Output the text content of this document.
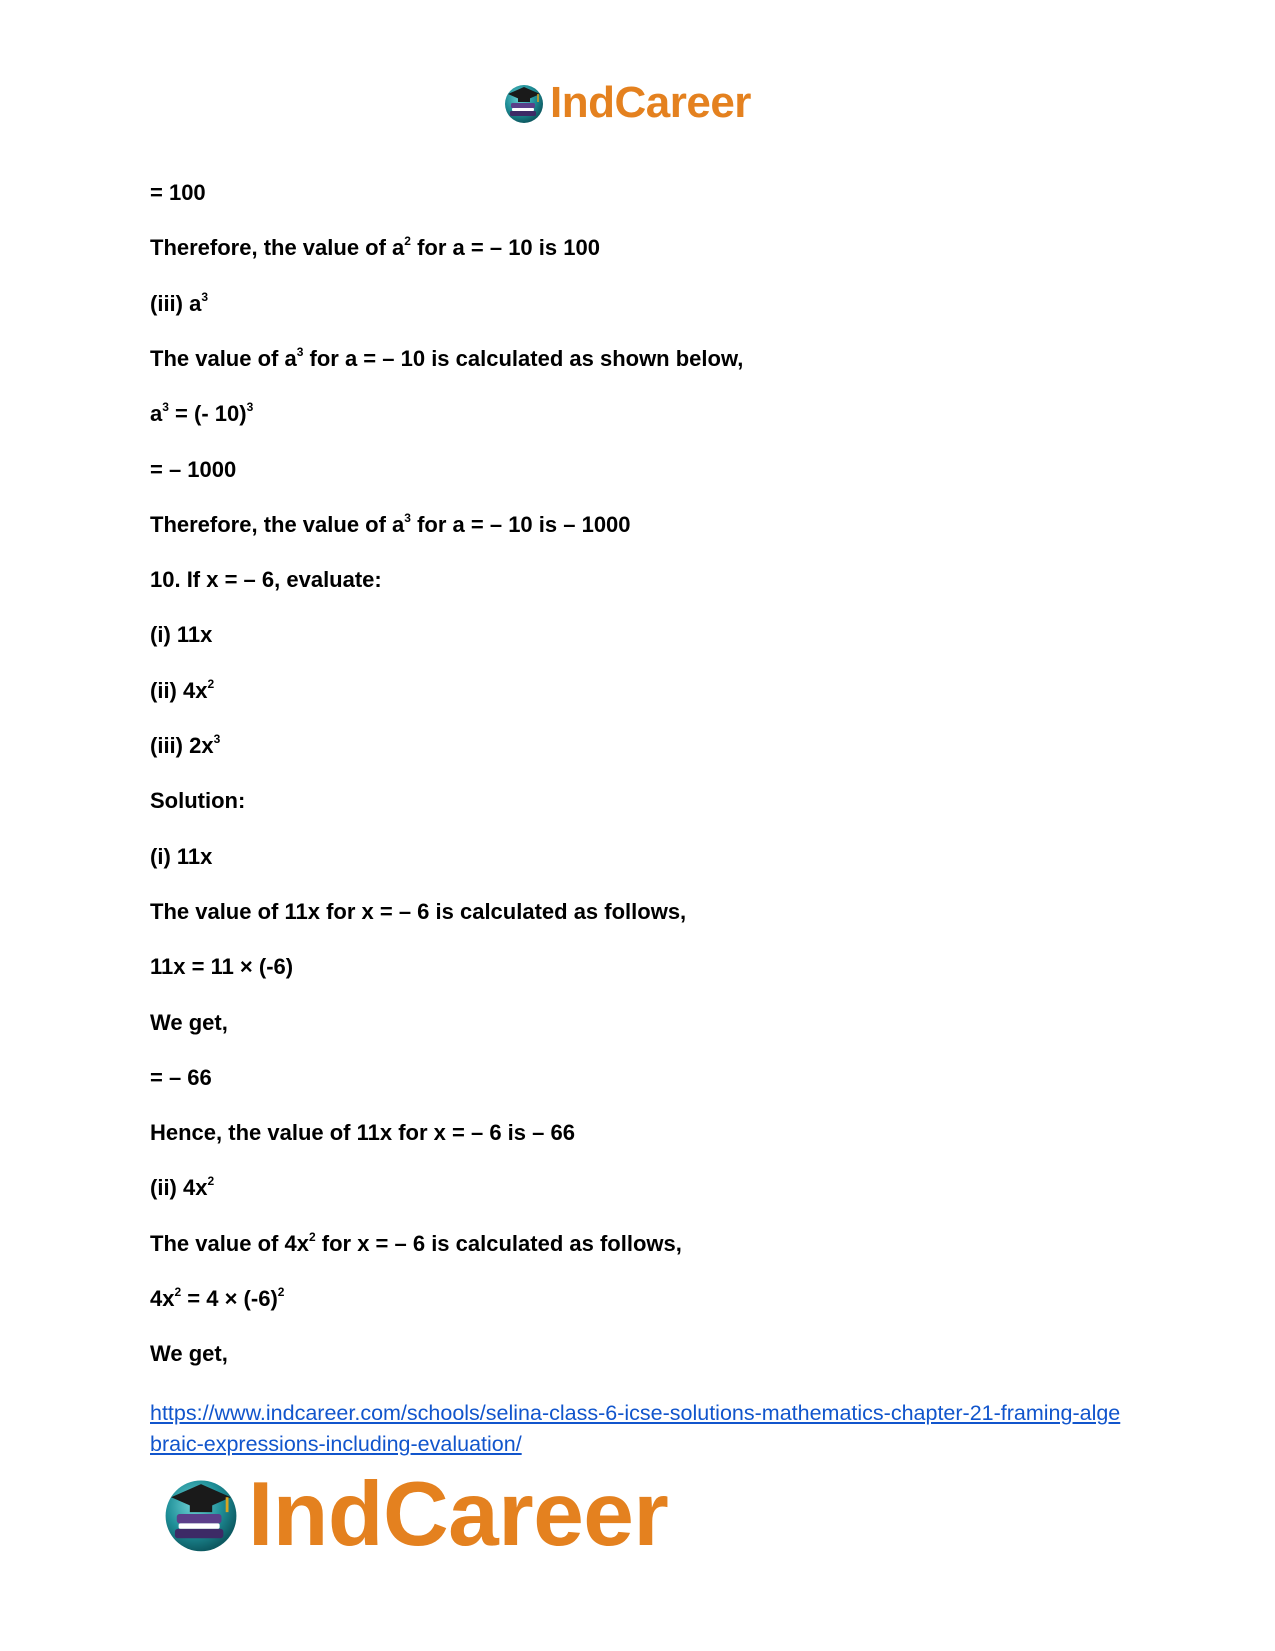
IndCareer
= 100
Therefore, the value of $a^2$ for a = – 10 is 100
(iii) $a^3$
The value of $a^3$ for a = – 10 is calculated as shown below,
$a^3$ = (- 10)$^3$
= – 1000
Therefore, the value of $a^3$ for a = – 10 is – 1000
10. If x = – 6, evaluate:
(i) 11x
(ii) $4x^2$
(iii) $2x^3$
Solution:
(i) 11x
The value of 11x for x = – 6 is calculated as follows,
11x = 11 × (-6)
We get,
= – 66
Hence, the value of 11x for x = – 6 is – 66
(ii) $4x^2$
The value of $4x^2$ for x = – 6 is calculated as follows,
$4x^2 = 4 \times (-6)^2$
We get,
https://www.indcareer.com/schools/selina-class-6-icse-solutions-mathematics-chapter-21-framing-algebraic-expressions-including-evaluation/
IndCareer
